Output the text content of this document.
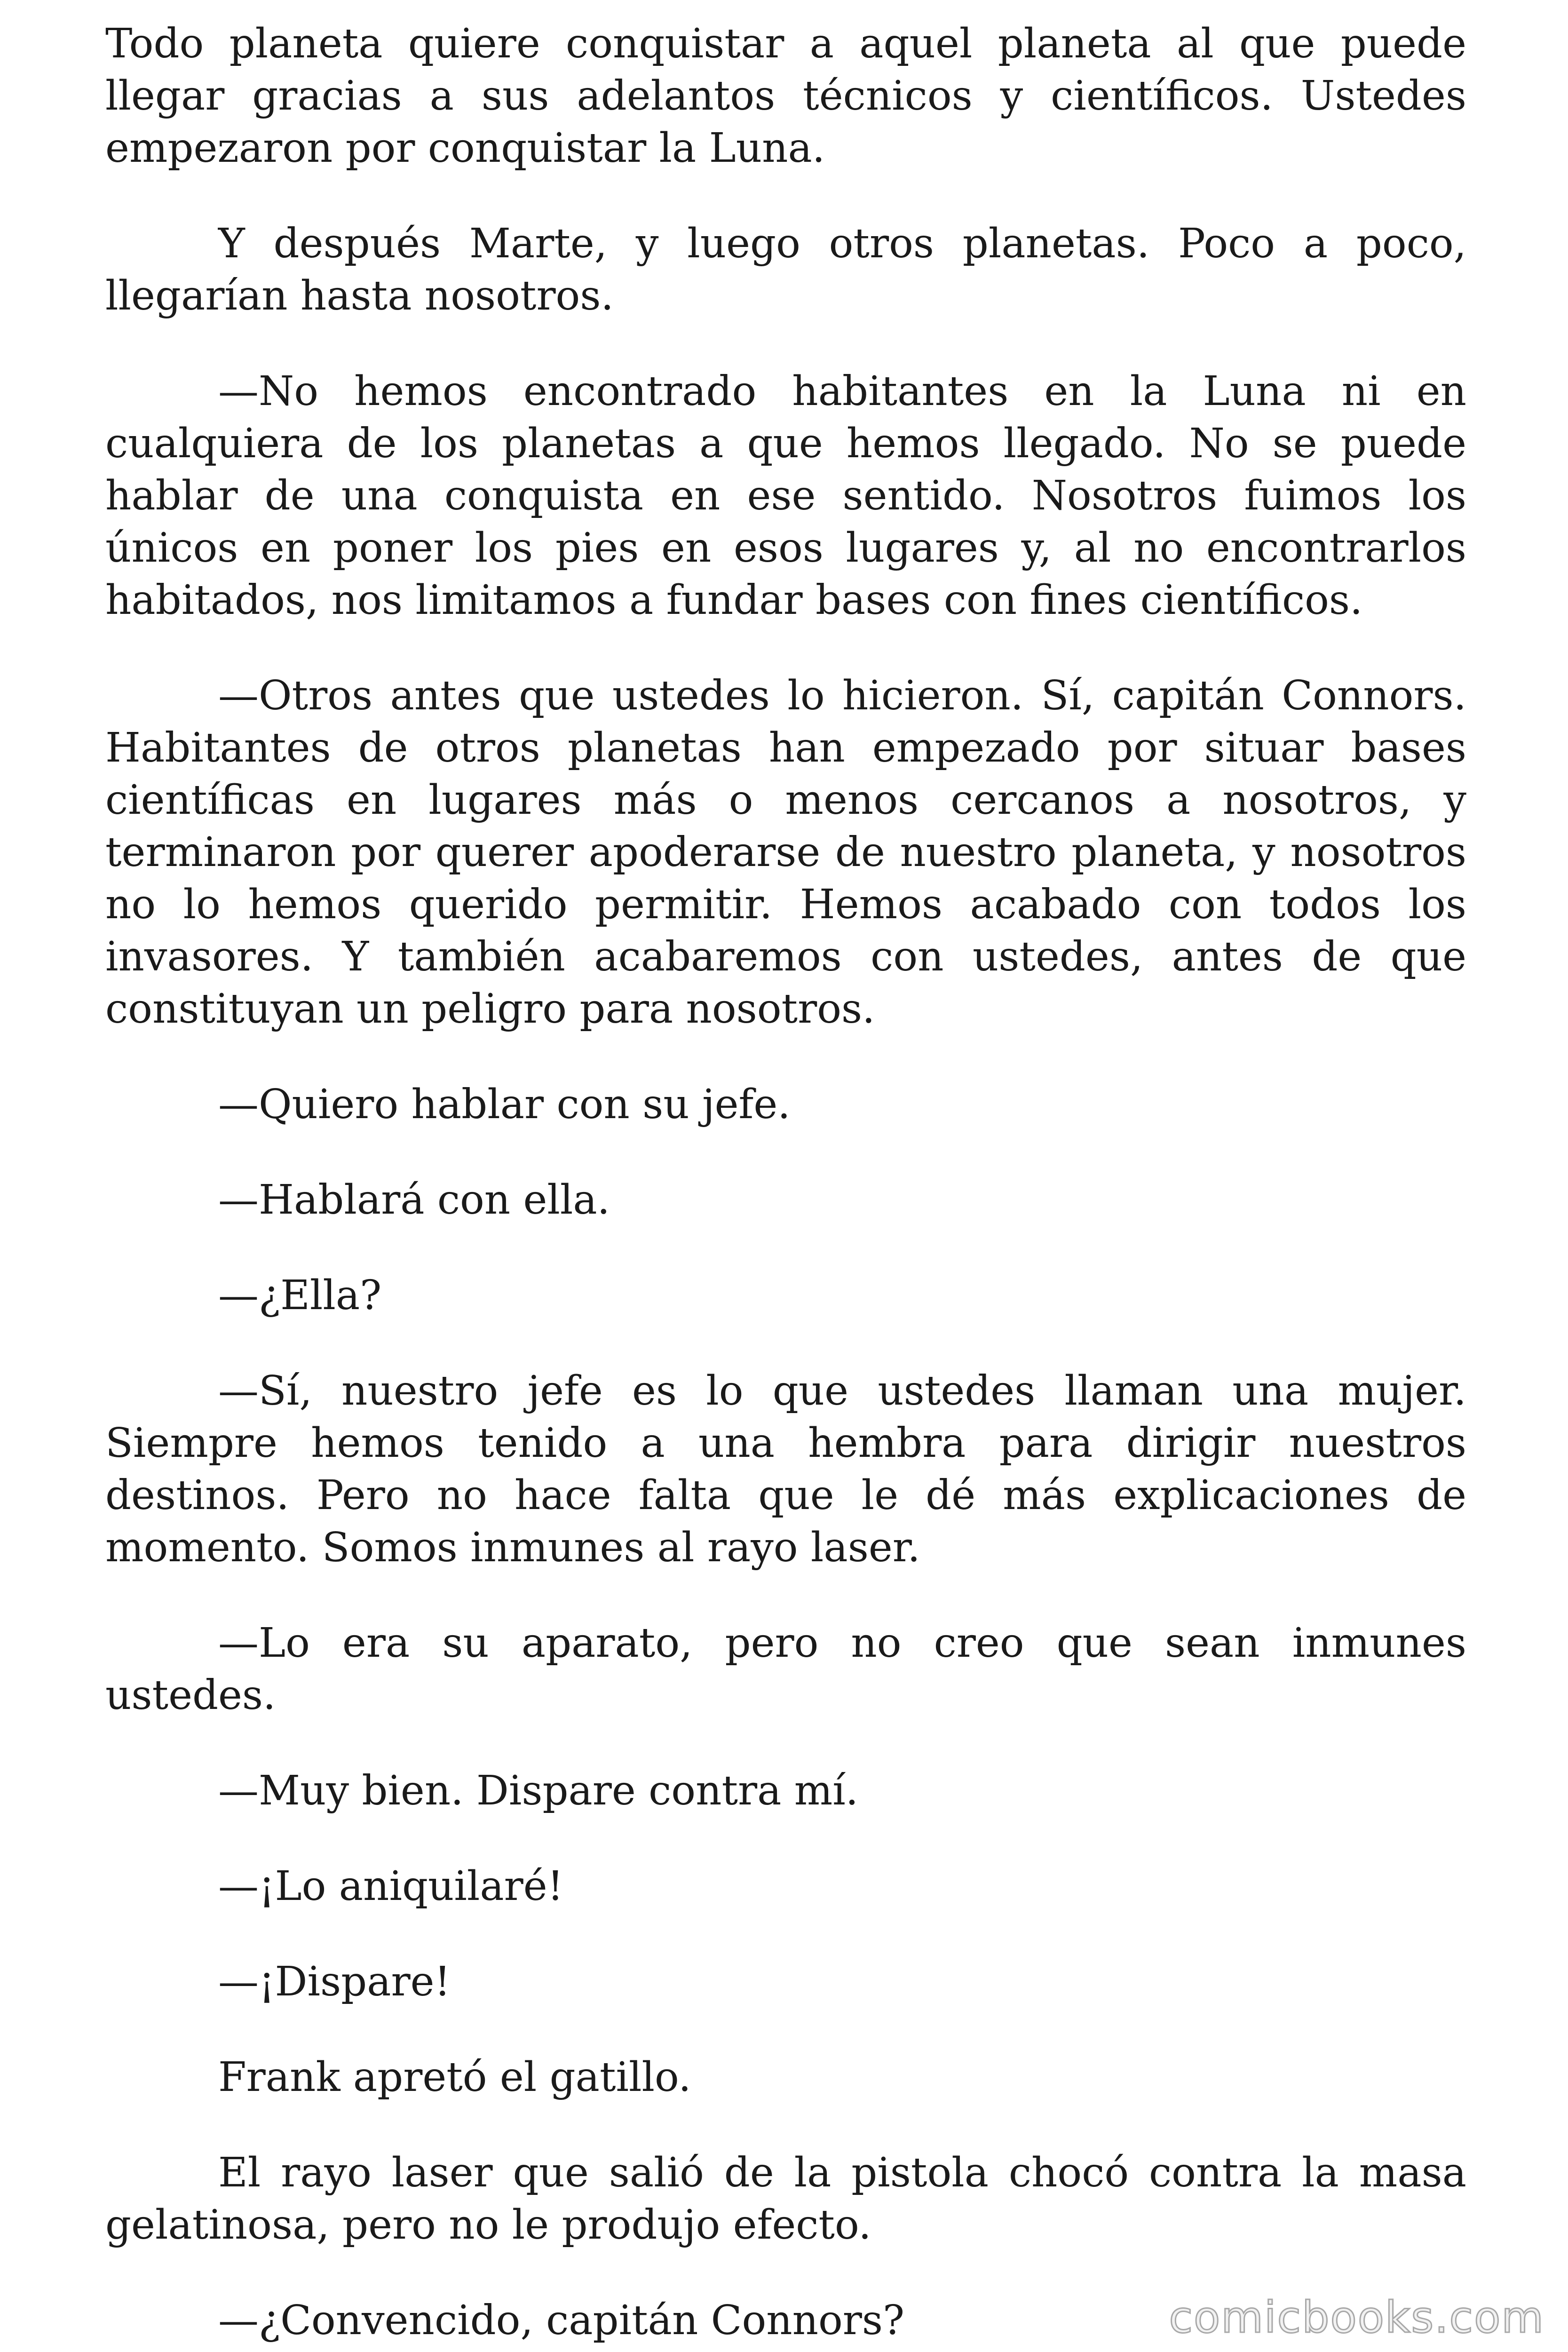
Todo planeta quiere conquistar a aquel planeta al que puede llegar gracias a sus adelantos técnicos y científicos. Ustedes empezaron por conquistar la Luna.

Y después Marte, y luego otros planetas. Poco a poco, llegarían hasta nosotros.

—No hemos encontrado habitantes en la Luna ni en cualquiera de los planetas a que hemos llegado. No se puede hablar de una conquista en ese sentido. Nosotros fuimos los únicos en poner los pies en esos lugares y, al no encontrarlos habitados, nos limitamos a fundar bases con fines científicos.

—Otros antes que ustedes lo hicieron. Sí, capitán Connors. Habitantes de otros planetas han empezado por situar bases científicas en lugares más o menos cercanos a nosotros, y terminaron por querer apoderarse de nuestro planeta, y nosotros no lo hemos querido permitir. Hemos acabado con todos los invasores. Y también acabaremos con ustedes, antes de que constituyan un peligro para nosotros.

—Quiero hablar con su jefe.

—Hablará con ella.

—¿Ella?

—Sí, nuestro jefe es lo que ustedes llaman una mujer. Siempre hemos tenido a una hembra para dirigir nuestros destinos. Pero no hace falta que le dé más explicaciones de momento. Somos inmunes al rayo laser.

—Lo era su aparato, pero no creo que sean inmunes ustedes.

—Muy bien. Dispare contra mí.

—¡Lo aniquilaré!

—¡Dispare!

Frank apretó el gatillo.

El rayo laser que salió de la pistola chocó contra la masa gelatinosa, pero no le produjo efecto.

—¿Convencido, capitán Connors?	comicbooks.com
